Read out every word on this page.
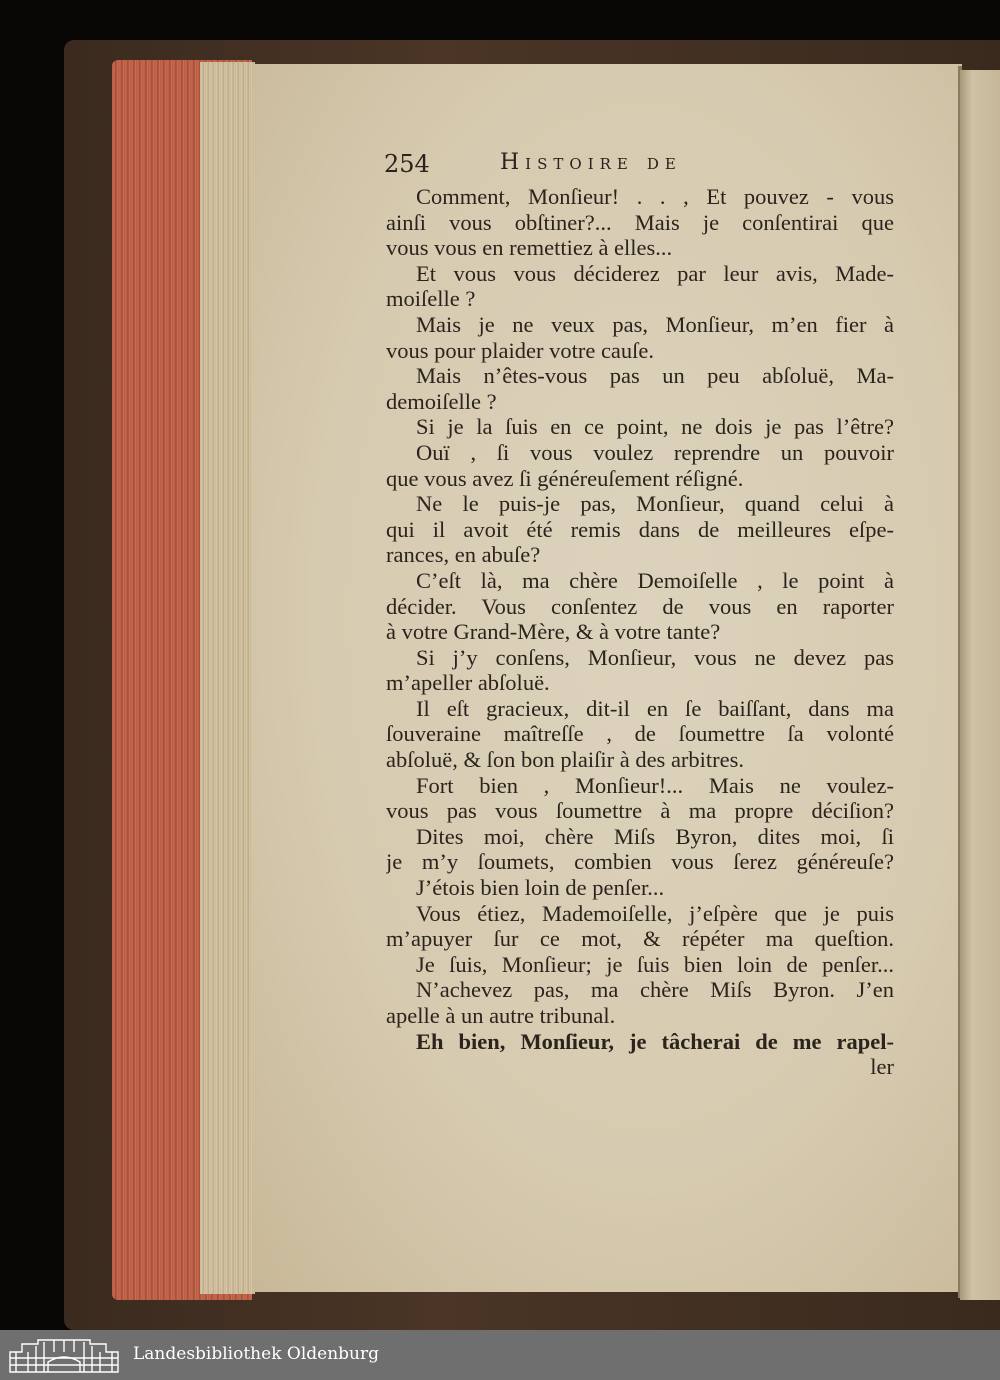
254	Histoire de
Comment, Monſieur! . . , Et pouvez - vous
ainſi vous obſtiner?... Mais je conſentirai que
vous vous en remettiez à elles...
Et vous vous déciderez par leur avis, Made-
moiſelle ?
Mais je ne veux pas, Monſieur, m’en fier à
vous pour plaider votre cauſe.
Mais n’êtes-vous pas un peu abſoluë, Ma-
demoiſelle ?
Si je la ſuis en ce point, ne dois je pas l’être?
Ouï , ſi vous voulez reprendre un pouvoir
que vous avez ſi généreuſement réſigné.
Ne le puis-je pas, Monſieur, quand celui à
qui il avoit été remis dans de meilleures eſpe-
rances, en abuſe?
C’eſt là, ma chère Demoiſelle , le point à
décider. Vous conſentez de vous en raporter
à votre Grand-Mère, & à votre tante?
Si j’y conſens, Monſieur, vous ne devez pas
m’apeller abſoluë.
Il eſt gracieux, dit-il en ſe baiſſant, dans ma
ſouveraine maîtreſſe , de ſoumettre ſa volonté
abſoluë, & ſon bon plaiſir à des arbitres.
Fort bien , Monſieur!... Mais ne voulez-
vous pas vous ſoumettre à ma propre déciſion?
Dites moi, chère Miſs Byron, dites moi, ſi
je m’y ſoumets, combien vous ſerez généreuſe?
J’étois bien loin de penſer...
Vous étiez, Mademoiſelle, j’eſpère que je puis
m’apuyer ſur ce mot, & répéter ma queſtion.
Je ſuis, Monſieur; je ſuis bien loin de penſer...
N’achevez pas, ma chère Miſs Byron. J’en
apelle à un autre tribunal.
Eh bien, Monſieur, je tâcherai de me rapel-
ler
Landesbibliothek Oldenburg
